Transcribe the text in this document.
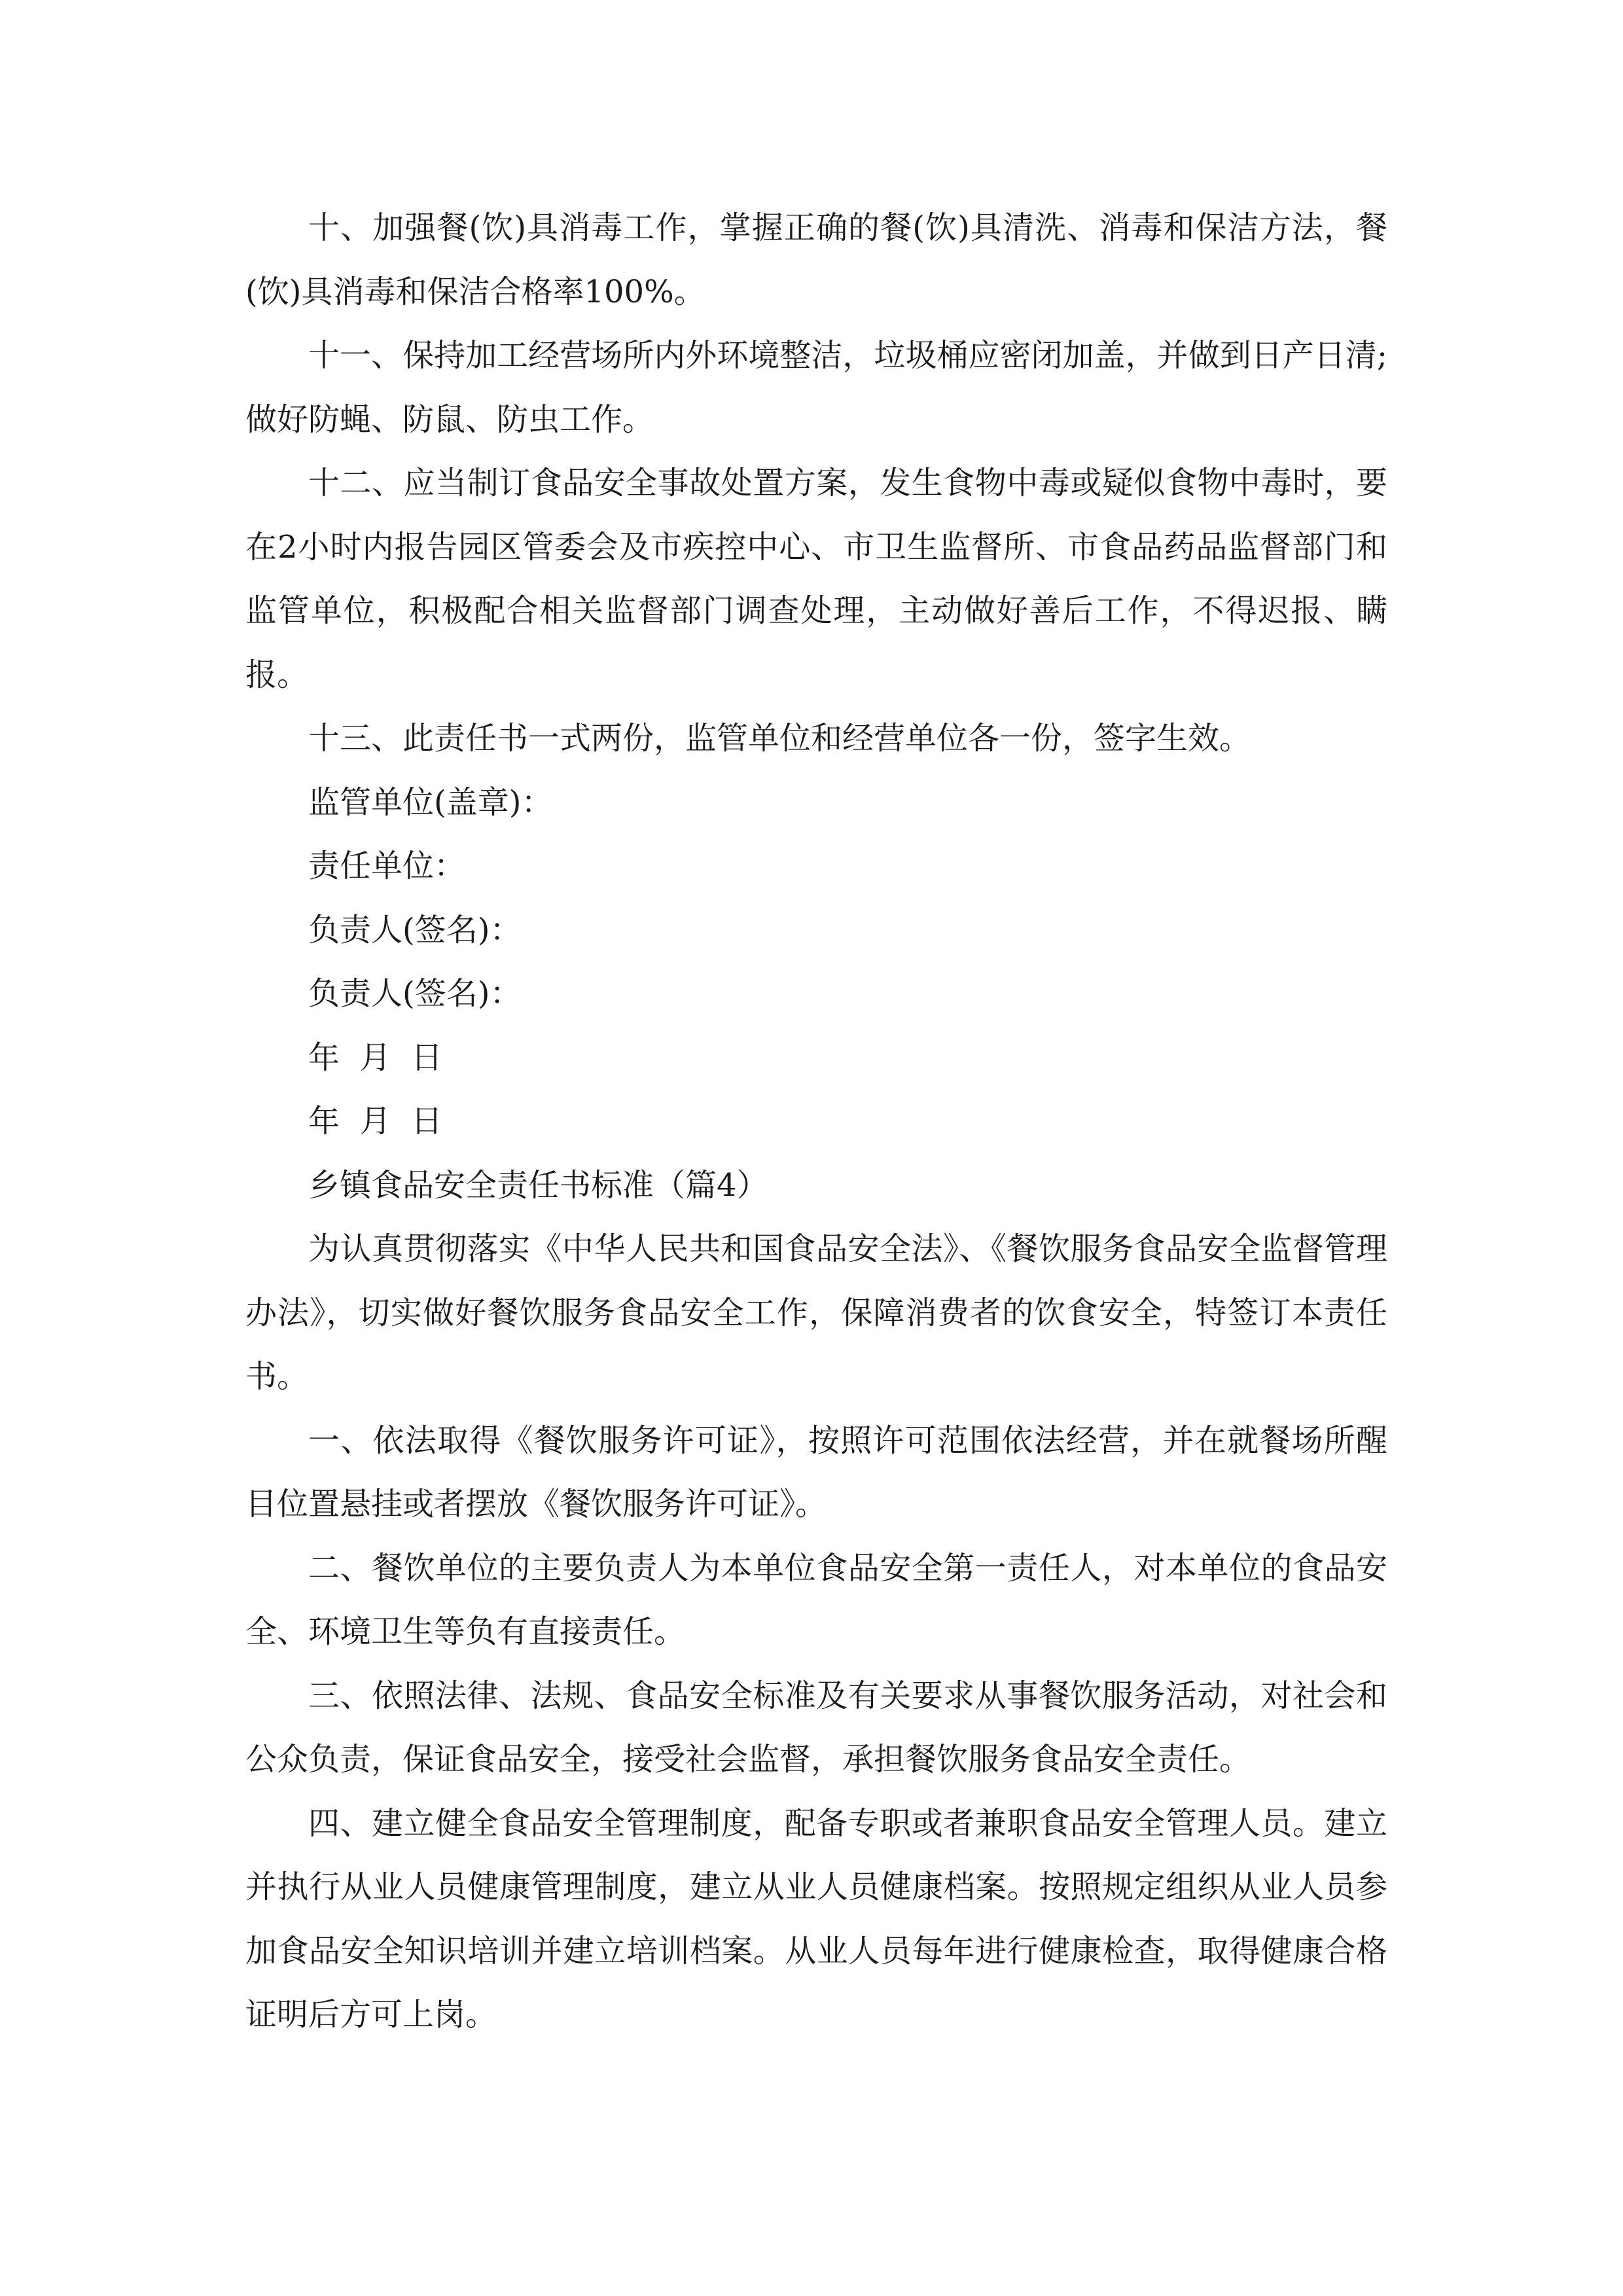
十、加强餐(饮)具消毒工作，掌握正确的餐(饮)具清洗、消毒和保洁方法，餐(饮)具消毒和保洁合格率100%。

十一、保持加工经营场所内外环境整洁，垃圾桶应密闭加盖，并做到日产日清;做好防蝇、防鼠、防虫工作。

十二、应当制订食品安全事故处置方案，发生食物中毒或疑似食物中毒时，要在2小时内报告园区管委会及市疾控中心、市卫生监督所、市食品药品监督部门和监管单位，积极配合相关监督部门调查处理，主动做好善后工作，不得迟报、瞒报。

十三、此责任书一式两份，监管单位和经营单位各一份，签字生效。

监管单位(盖章)：

责任单位：

负责人(签名)：

负责人(签名)：

年  月  日

年  月  日

乡镇食品安全责任书标准（篇4）

为认真贯彻落实《中华人民共和国食品安全法》、《餐饮服务食品安全监督管理办法》，切实做好餐饮服务食品安全工作，保障消费者的饮食安全，特签订本责任书。

一、依法取得《餐饮服务许可证》，按照许可范围依法经营，并在就餐场所醒目位置悬挂或者摆放《餐饮服务许可证》。

二、餐饮单位的主要负责人为本单位食品安全第一责任人，对本单位的食品安全、环境卫生等负有直接责任。

三、依照法律、法规、食品安全标准及有关要求从事餐饮服务活动，对社会和公众负责，保证食品安全，接受社会监督，承担餐饮服务食品安全责任。

四、建立健全食品安全管理制度，配备专职或者兼职食品安全管理人员。建立并执行从业人员健康管理制度，建立从业人员健康档案。按照规定组织从业人员参加食品安全知识培训并建立培训档案。从业人员每年进行健康检查，取得健康合格证明后方可上岗。
